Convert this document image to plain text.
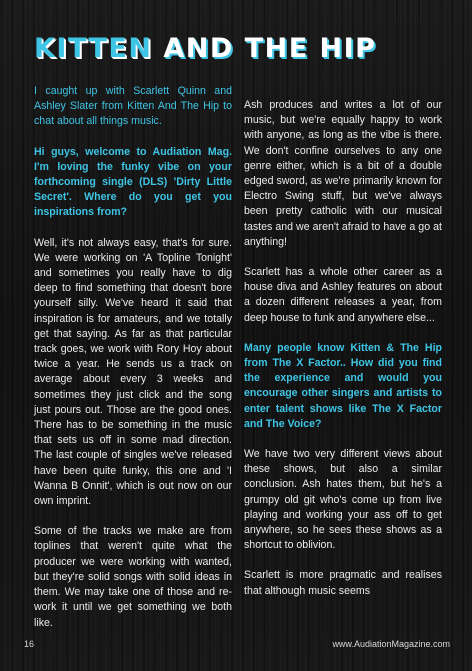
KITTEN AND THE HIP

I caught up with Scarlett Quinn and Ashley Slater from Kitten And The Hip to chat about all things music.

Hi guys, welcome to Audiation Mag. I'm loving the funky vibe on your forthcoming single (DLS) 'Dirty Little Secret'. Where do you get you inspirations from?

Well, it's not always easy, that's for sure. We were working on 'A Topline Tonight' and sometimes you really have to dig deep to find something that doesn't bore yourself silly. We've heard it said that inspiration is for amateurs, and we totally get that saying. As far as that particular track goes, we work with Rory Hoy about twice a year. He sends us a track on average about every 3 weeks and sometimes they just click and the song just pours out. Those are the good ones. There has to be something in the music that sets us off in some mad direction. The last couple of singles we've released have been quite funky, this one and 'I Wanna B Onnit', which is out now on our own imprint.

Some of the tracks we make are from toplines that weren't quite what the producer we were working with wanted, but they're solid songs with solid ideas in them. We may take one of those and re-work it until we get something we both like.

Ash produces and writes a lot of our music, but we're equally happy to work with anyone, as long as the vibe is there. We don't confine ourselves to any one genre either, which is a bit of a double edged sword, as we're primarily known for Electro Swing stuff, but we've always been pretty catholic with our musical tastes and we aren't afraid to have a go at anything!

Scarlett has a whole other career as a house diva and Ashley features on about a dozen different releases a year, from deep house to funk and anywhere else...

Many people know Kitten & The Hip from The X Factor.. How did you find the experience and would you encourage other singers and artists to enter talent shows like The X Factor and The Voice?

We have two very different views about these shows, but also a similar conclusion. Ash hates them, but he's a grumpy old git who's come up from live playing and working your ass off to get anywhere, so he sees these shows as a shortcut to oblivion.

Scarlett is more pragmatic and realises that although music seems

16	www.AudiationMagazine.com
